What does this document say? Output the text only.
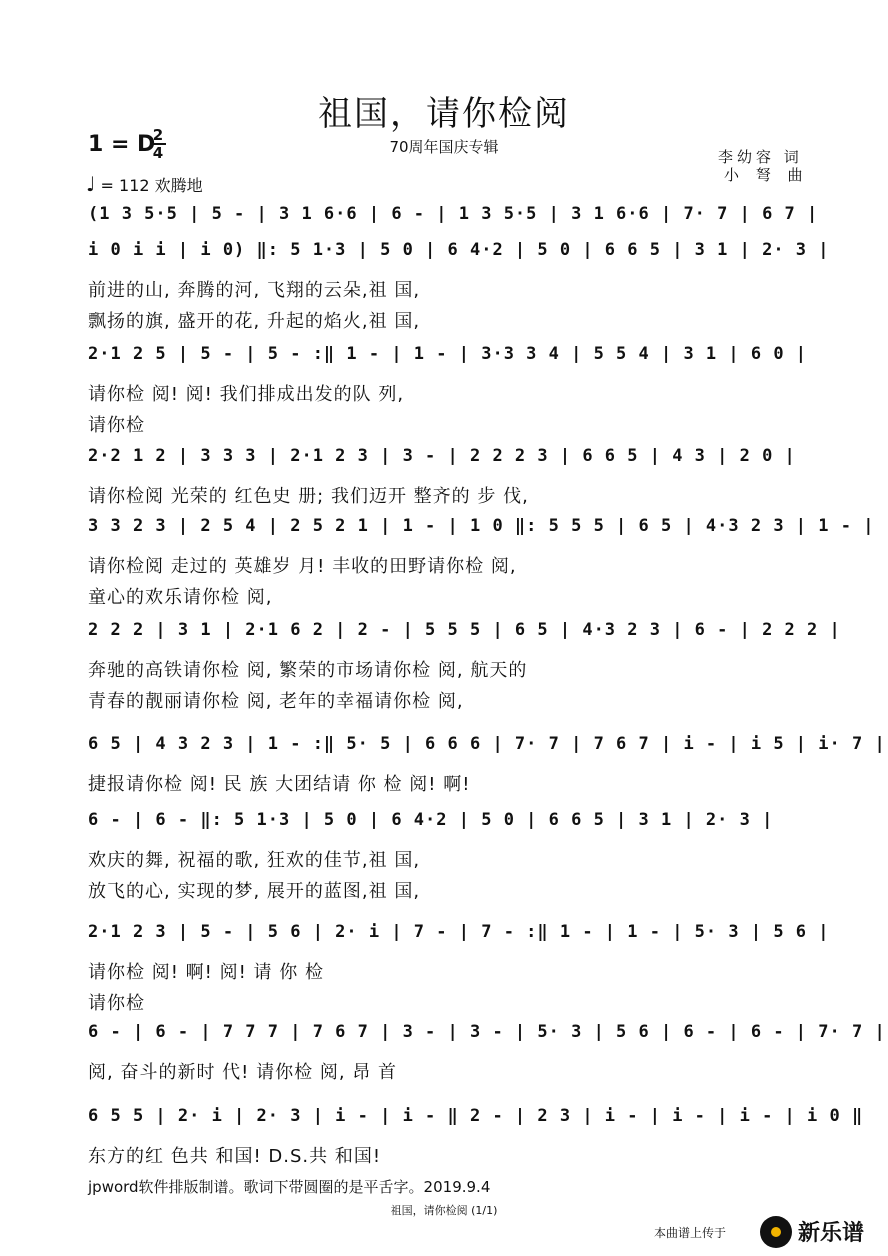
祖国，请你检阅
70周年国庆专辑
1 = D
2
4
♩ = 112 欢腾地
李幼容 词
小 弩 曲
(1 3 5·5 | 5 - | 3 1 6·6 | 6 - | 1 3 5·5 | 3 1 6·6 | 7· 7 | 6 7 |
i 0 i i | i 0) ‖: 5 1·3 | 5 0 | 6 4·2 | 5 0 | 6 6 5 | 3 1 | 2· 3 |
前进的山, 奔腾的河, 飞翔的云朵,祖 国,
飘扬的旗, 盛开的花, 升起的焰火,祖 国,
2·1 2 5 | 5 - | 5 - :‖ 1 - | 1 - | 3·3 3 4 | 5 5 4 | 3 1 | 6 0 |
请你检 阅! 阅! 我们排成出发的队 列,
请你检
2·2 1 2 | 3 3 3 | 2·1 2 3 | 3 - | 2 2 2 3 | 6 6 5 | 4 3 | 2 0 |
请你检阅 光荣的 红色史 册; 我们迈开 整齐的 步 伐,
3 3 2 3 | 2 5 4 | 2 5 2 1 | 1 - | 1 0 ‖: 5 5 5 | 6 5 | 4·3 2 3 | 1 - |
请你检阅 走过的 英雄岁 月! 丰收的田野请你检 阅,
童心的欢乐请你检 阅,
2 2 2 | 3 1 | 2·1 6 2 | 2 - | 5 5 5 | 6 5 | 4·3 2 3 | 6 - | 2 2 2 |
奔驰的高铁请你检 阅, 繁荣的市场请你检 阅, 航天的
青春的靓丽请你检 阅, 老年的幸福请你检 阅,
6 5 | 4 3 2 3 | 1 - :‖ 5· 5 | 6 6 6 | 7· 7 | 7 6 7 | i - | i 5 | i· 7 |
捷报请你检 阅! 民 族 大团结请 你 检 阅! 啊!
6 - | 6 - ‖: 5 1·3 | 5 0 | 6 4·2 | 5 0 | 6 6 5 | 3 1 | 2· 3 |
欢庆的舞, 祝福的歌, 狂欢的佳节,祖 国,
放飞的心, 实现的梦, 展开的蓝图,祖 国,
2·1 2 3 | 5 - | 5 6 | 2· i | 7 - | 7 - :‖ 1 - | 1 - | 5· 3 | 5 6 |
请你检 阅! 啊! 阅! 请 你 检
请你检
6 - | 6 - | 7 7 7 | 7 6 7 | 3 - | 3 - | 5· 3 | 5 6 | 6 - | 6 - | 7· 7 |
阅, 奋斗的新时 代! 请你检 阅, 昂 首
6 5 5 | 2· i | 2· 3 | i - | i - ‖ 2 - | 2 3 | i - | i - | i - | i 0 ‖
东方的红 色共 和国! D.S.共 和国!
jpword软件排版制谱。歌词下带圆圈的是平舌字。2019.9.4
祖国，请你检阅 (1/1)
本曲谱上传于	新乐谱
